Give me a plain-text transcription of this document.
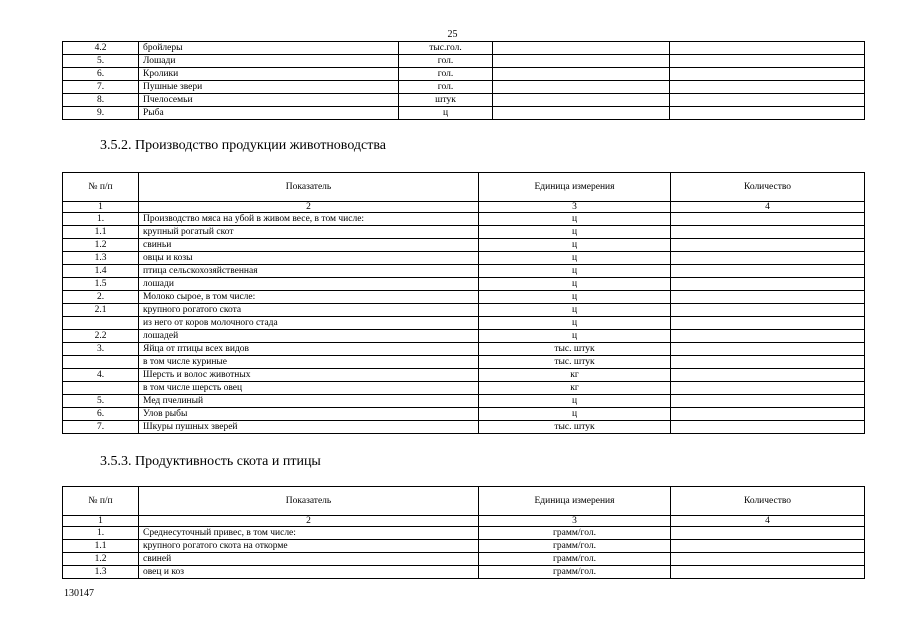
25
4.2	бройлеры	тыс.гол.		
5.	Лошади	гол.		
6.	Кролики	гол.		
7.	Пушные звери	гол.		
8.	Пчелосемьи	штук		
9.	Рыба	ц		
3.5.2. Производство продукции животноводства
№ п/п	Показатель	Единица измерения	Количество
1	2	3	4
1.	Производство мяса на убой в живом весе, в том числе:	ц	
1.1	крупный рогатый скот	ц	
1.2	свиньи	ц	
1.3	овцы и козы	ц	
1.4	птица сельскохозяйственная	ц	
1.5	лошади	ц	
2.	Молоко сырое, в том числе:	ц	
2.1	крупного рогатого скота	ц	
	из него от коров молочного стада	ц	
2.2	лошадей	ц	
3.	Яйца от птицы всех видов	тыс. штук	
	в том числе куриные	тыс. штук	
4.	Шерсть и волос животных	кг	
	в том числе шерсть овец	кг	
5.	Мед пчелиный	ц	
6.	Улов рыбы	ц	
7.	Шкуры пушных зверей	тыс. штук	
3.5.3. Продуктивность скота и птицы
№ п/п	Показатель	Единица измерения	Количество
1	2	3	4
1.	Среднесуточный привес, в том числе:	грамм/гол.	
1.1	крупного рогатого скота на откорме	грамм/гол.	
1.2	свиней	грамм/гол.	
1.3	овец и коз	грамм/гол.	
130147
